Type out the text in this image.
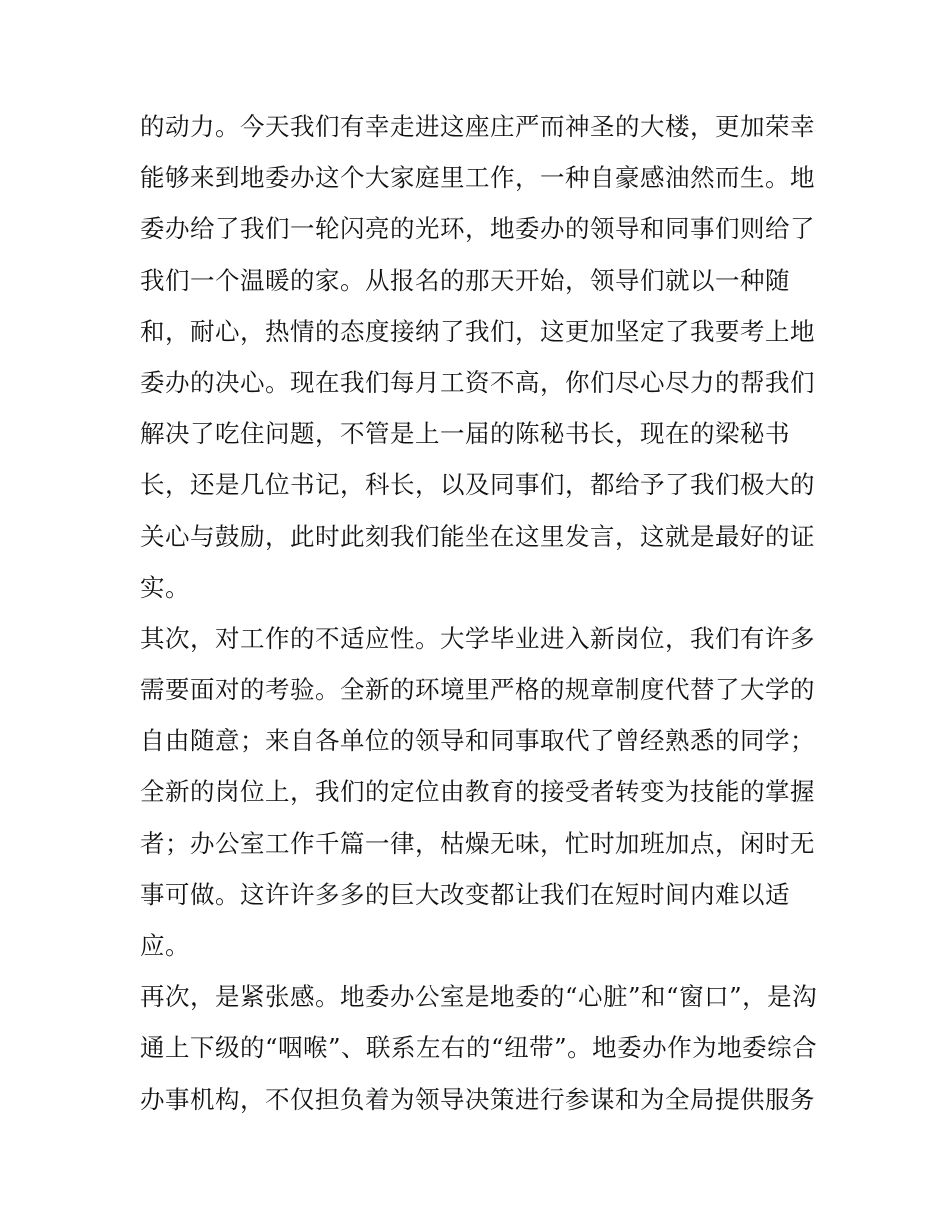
的动力。今天我们有幸走进这座庄严而神圣的大楼，更加荣幸
能够来到地委办这个大家庭里工作，一种自豪感油然而生。地
委办给了我们一轮闪亮的光环，地委办的领导和同事们则给了
我们一个温暖的家。从报名的那天开始，领导们就以一种随
和，耐心，热情的态度接纳了我们，这更加坚定了我要考上地
委办的决心。现在我们每月工资不高，你们尽心尽力的帮我们
解决了吃住问题，不管是上一届的陈秘书长，现在的梁秘书
长，还是几位书记，科长，以及同事们，都给予了我们极大的
关心与鼓励，此时此刻我们能坐在这里发言，这就是最好的证
实。
其次，对工作的不适应性。大学毕业进入新岗位，我们有许多
需要面对的考验。全新的环境里严格的规章制度代替了大学的
自由随意；来自各单位的领导和同事取代了曾经熟悉的同学；
全新的岗位上，我们的定位由教育的接受者转变为技能的掌握
者；办公室工作千篇一律，枯燥无味，忙时加班加点，闲时无
事可做。这许许多多的巨大改变都让我们在短时间内难以适
应。
再次，是紧张感。地委办公室是地委的“心脏”和“窗口”，是沟
通上下级的“咽喉”、联系左右的“纽带”。地委办作为地委综合
办事机构，不仅担负着为领导决策进行参谋和为全局提供服务
